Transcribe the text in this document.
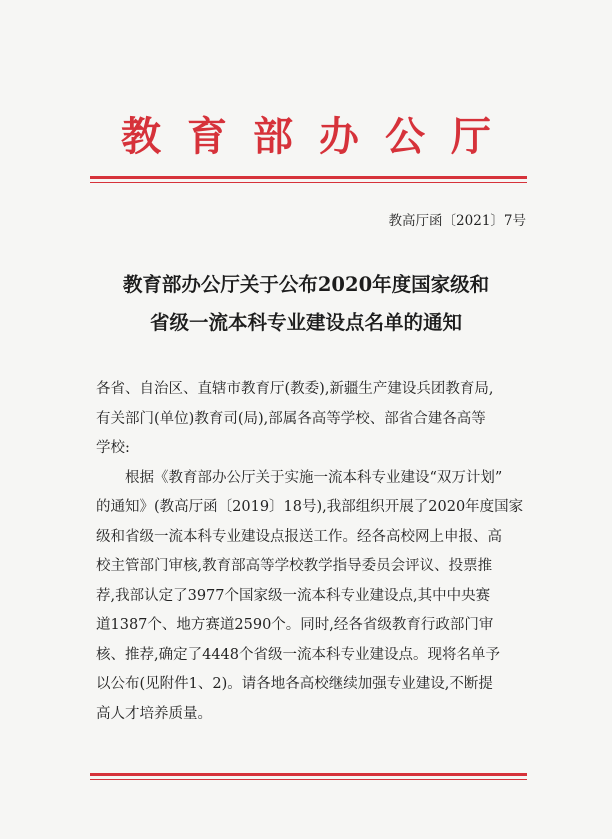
教育部办公厅
教高厅函〔2021〕7号
教育部办公厅关于公布2020年度国家级和
省级一流本科专业建设点名单的通知
各省、自治区、直辖市教育厅(教委),新疆生产建设兵团教育局,
有关部门(单位)教育司(局),部属各高等学校、部省合建各高等
学校:
　　根据《教育部办公厅关于实施一流本科专业建设“双万计划”
的通知》(教高厅函〔2019〕18号),我部组织开展了2020年度国家
级和省级一流本科专业建设点报送工作。经各高校网上申报、高
校主管部门审核,教育部高等学校教学指导委员会评议、投票推
荐,我部认定了3977个国家级一流本科专业建设点,其中中央赛
道1387个、地方赛道2590个。同时,经各省级教育行政部门审
核、推荐,确定了4448个省级一流本科专业建设点。现将名单予
以公布(见附件1、2)。请各地各高校继续加强专业建设,不断提
高人才培养质量。
